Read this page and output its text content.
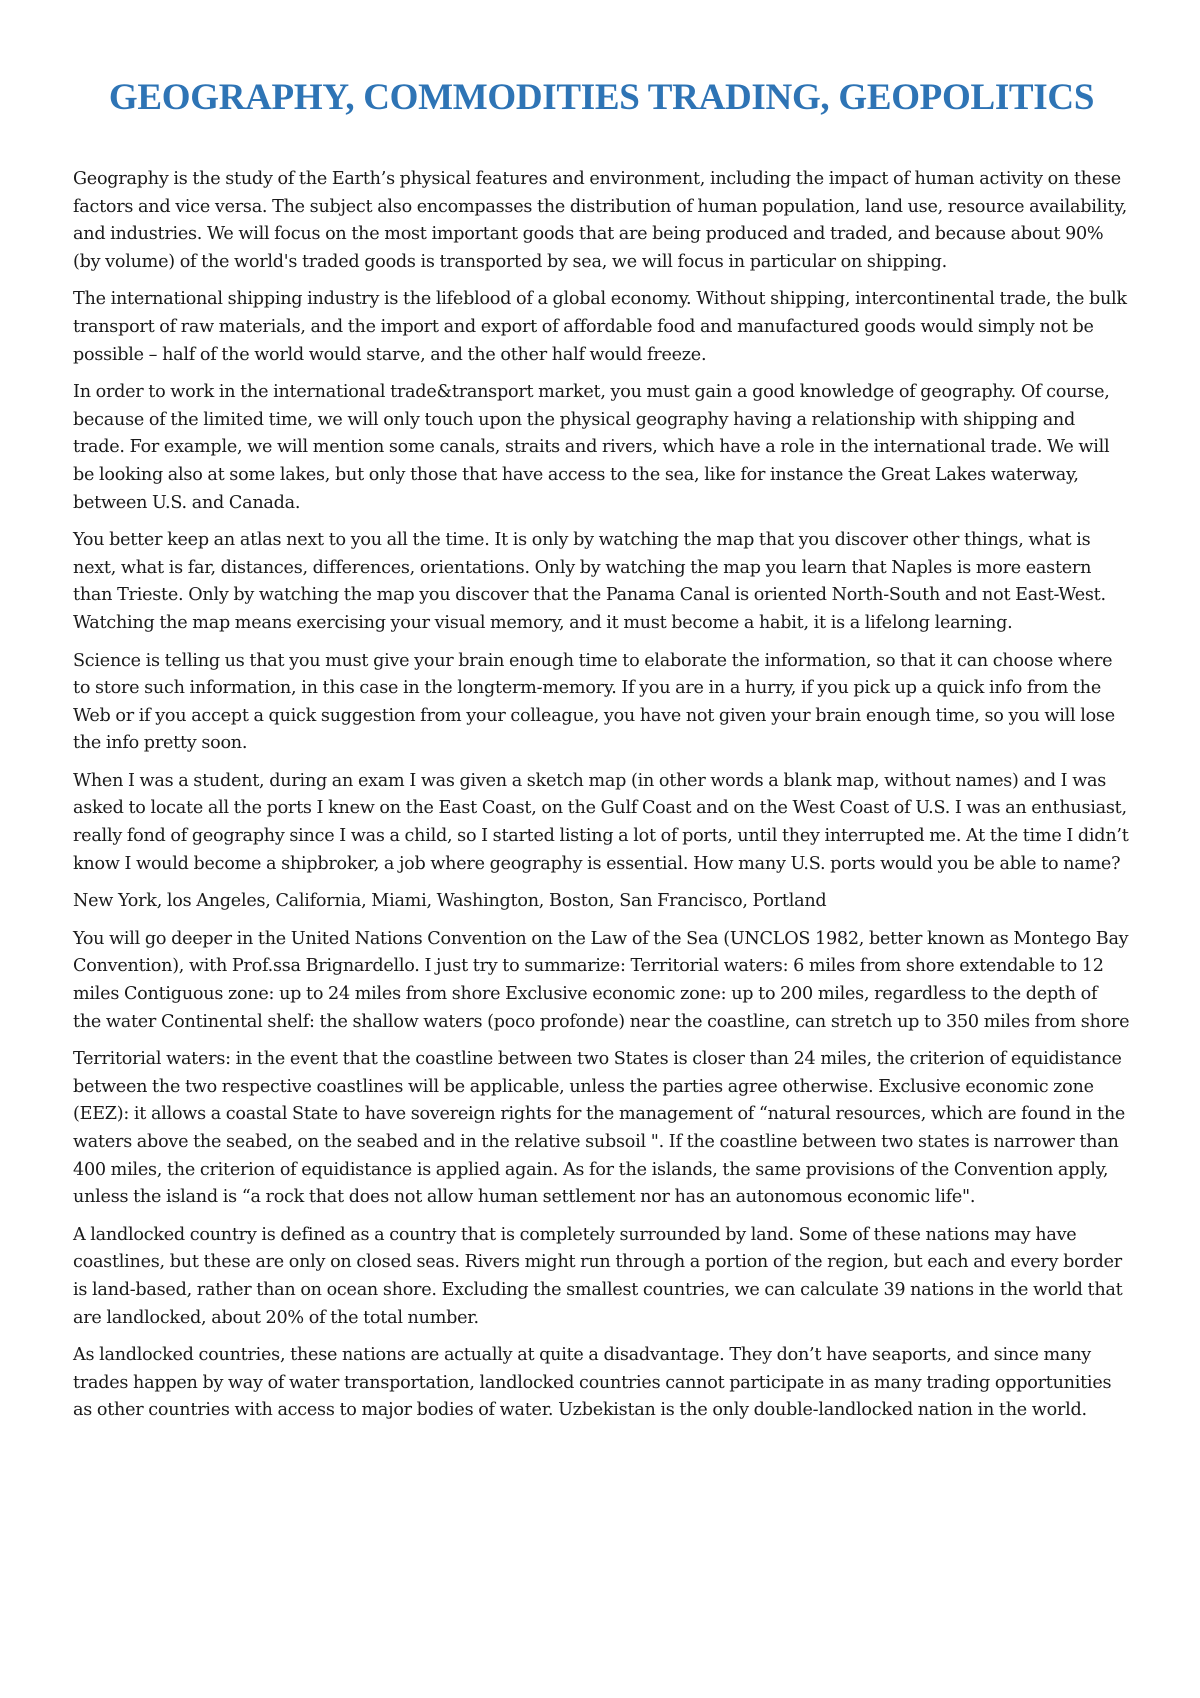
GEOGRAPHY, COMMODITIES TRADING, GEOPOLITICS

Geography is the study of the Earth’s physical features and environment, including the impact of human activity on these factors and vice versa. The subject also encompasses the distribution of human population, land use, resource availability, and industries. We will focus on the most important goods that are being produced and traded, and because about 90% (by volume) of the world's traded goods is transported by sea, we will focus in particular on shipping.

The international shipping industry is the lifeblood of a global economy. Without shipping, intercontinental trade, the bulk transport of raw materials, and the import and export of affordable food and manufactured goods would simply not be possible – half of the world would starve, and the other half would freeze.

In order to work in the international trade&transport market, you must gain a good knowledge of geography. Of course, because of the limited time, we will only touch upon the physical geography having a relationship with shipping and trade. For example, we will mention some canals, straits and rivers, which have a role in the international trade. We will be looking also at some lakes, but only those that have access to the sea, like for instance the Great Lakes waterway, between U.S. and Canada.

You better keep an atlas next to you all the time. It is only by watching the map that you discover other things, what is next, what is far, distances, differences, orientations. Only by watching the map you learn that Naples is more eastern than Trieste. Only by watching the map you discover that the Panama Canal is oriented North-South and not East-West. Watching the map means exercising your visual memory, and it must become a habit, it is a lifelong learning.

Science is telling us that you must give your brain enough time to elaborate the information, so that it can choose where to store such information, in this case in the longterm-memory. If you are in a hurry, if you pick up a quick info from the Web or if you accept a quick suggestion from your colleague, you have not given your brain enough time, so you will lose the info pretty soon.

When I was a student, during an exam I was given a sketch map (in other words a blank map, without names) and I was asked to locate all the ports I knew on the East Coast, on the Gulf Coast and on the West Coast of U.S. I was an enthusiast, really fond of geography since I was a child, so I started listing a lot of ports, until they interrupted me. At the time I didn’t know I would become a shipbroker, a job where geography is essential. How many U.S. ports would you be able to name?

New York, los Angeles, California, Miami, Washington, Boston, San Francisco, Portland

You will go deeper in the United Nations Convention on the Law of the Sea (UNCLOS 1982, better known as Montego Bay Convention), with Prof.ssa Brignardello. I just try to summarize: Territorial waters: 6 miles from shore extendable to 12 miles Contiguous zone: up to 24 miles from shore Exclusive economic zone: up to 200 miles, regardless to the depth of the water Continental shelf: the shallow waters (poco profonde) near the coastline, can stretch up to 350 miles from shore

Territorial waters: in the event that the coastline between two States is closer than 24 miles, the criterion of equidistance between the two respective coastlines will be applicable, unless the parties agree otherwise. Exclusive economic zone (EEZ): it allows a coastal State to have sovereign rights for the management of “natural resources, which are found in the waters above the seabed, on the seabed and in the relative subsoil ". If the coastline between two states is narrower than 400 miles, the criterion of equidistance is applied again. As for the islands, the same provisions of the Convention apply, unless the island is “a rock that does not allow human settlement nor has an autonomous economic life".

A landlocked country is defined as a country that is completely surrounded by land. Some of these nations may have coastlines, but these are only on closed seas. Rivers might run through a portion of the region, but each and every border is land-based, rather than on ocean shore. Excluding the smallest countries, we can calculate 39 nations in the world that are landlocked, about 20% of the total number.

As landlocked countries, these nations are actually at quite a disadvantage. They don’t have seaports, and since many trades happen by way of water transportation, landlocked countries cannot participate in as many trading opportunities as other countries with access to major bodies of water. Uzbekistan is the only double-landlocked nation in the world.
